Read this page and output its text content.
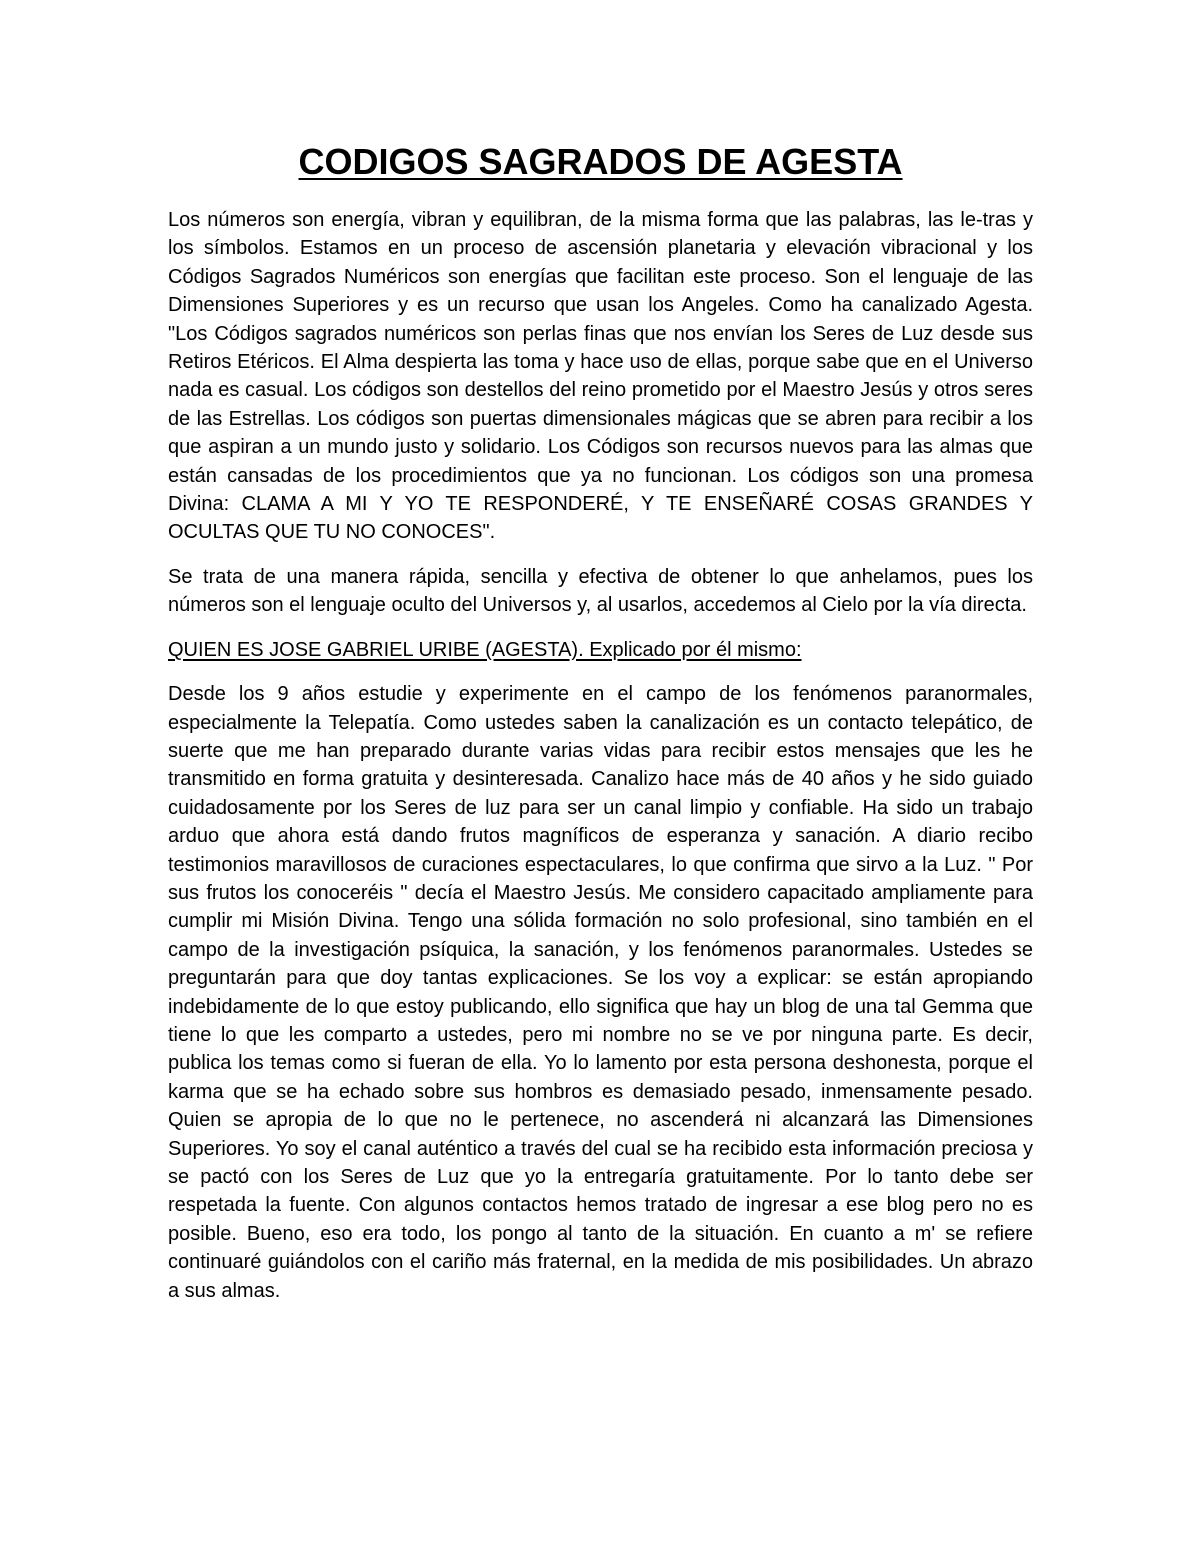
CODIGOS SAGRADOS DE AGESTA

Los números son energía, vibran y equilibran, de la misma forma que las palabras, las le-tras y los símbolos. Estamos en un proceso de ascensión planetaria y elevación vibracional y los Códigos Sagrados Numéricos son energías que facilitan este proceso. Son el lenguaje de las Dimensiones Superiores y es un recurso que usan los Angeles. Como ha canalizado Agesta. "Los Códigos sagrados numéricos son perlas finas que nos envían los Seres de Luz desde sus Retiros Etéricos. El Alma despierta las toma y hace uso de ellas, porque sabe que en el Universo nada es casual. Los códigos son destellos del reino prometido por el Maestro Jesús y otros seres de las Estrellas. Los códigos son puertas dimensionales mágicas que se abren para recibir a los que aspiran a un mundo justo y solidario. Los Códigos son recursos nuevos para las almas que están cansadas de los procedimientos que ya no funcionan. Los códigos son una promesa Divina: CLAMA A MI Y YO TE RESPONDERÉ, Y TE ENSEÑARÉ COSAS GRANDES Y OCULTAS QUE TU NO CONOCES".

Se trata de una manera rápida, sencilla y efectiva de obtener lo que anhelamos, pues los números son el lenguaje oculto del Universos y, al usarlos, accedemos al Cielo por la vía directa.

QUIEN ES JOSE GABRIEL URIBE (AGESTA). Explicado por él mismo:

Desde los 9 años estudie y experimente en el campo de los fenómenos paranormales, especialmente la Telepatía. Como ustedes saben la canalización es un contacto telepático, de suerte que me han preparado durante varias vidas para recibir estos mensajes que les he transmitido en forma gratuita y desinteresada. Canalizo hace más de 40 años y he sido guiado cuidadosamente por los Seres de luz para ser un canal limpio y confiable. Ha sido un trabajo arduo que ahora está dando frutos magníficos de esperanza y sanación. A diario recibo testimonios maravillosos de curaciones espectaculares, lo que confirma que sirvo a la Luz. " Por sus frutos los conoceréis " decía el Maestro Jesús. Me considero capacitado ampliamente para cumplir mi Misión Divina. Tengo una sólida formación no solo profesional, sino también en el campo de la investigación psíquica, la sanación, y los fenómenos paranormales. Ustedes se preguntarán para que doy tantas explicaciones. Se los voy a explicar: se están apropiando indebidamente de lo que estoy publicando, ello significa que hay un blog de una tal Gemma que tiene lo que les comparto a ustedes, pero mi nombre no se ve por ninguna parte. Es decir, publica los temas como si fueran de ella. Yo lo lamento por esta persona deshonesta, porque el karma que se ha echado sobre sus hombros es demasiado pesado, inmensamente pesado. Quien se apropia de lo que no le pertenece, no ascenderá ni alcanzará las Dimensiones Superiores. Yo soy el canal auténtico a través del cual se ha recibido esta información preciosa y se pactó con los Seres de Luz que yo la entregaría gratuitamente. Por lo tanto debe ser respetada la fuente. Con algunos contactos hemos tratado de ingresar a ese blog pero no es posible. Bueno, eso era todo, los pongo al tanto de la situación. En cuanto a m' se refiere continuaré guiándolos con el cariño más fraternal, en la medida de mis posibilidades. Un abrazo a sus almas.
